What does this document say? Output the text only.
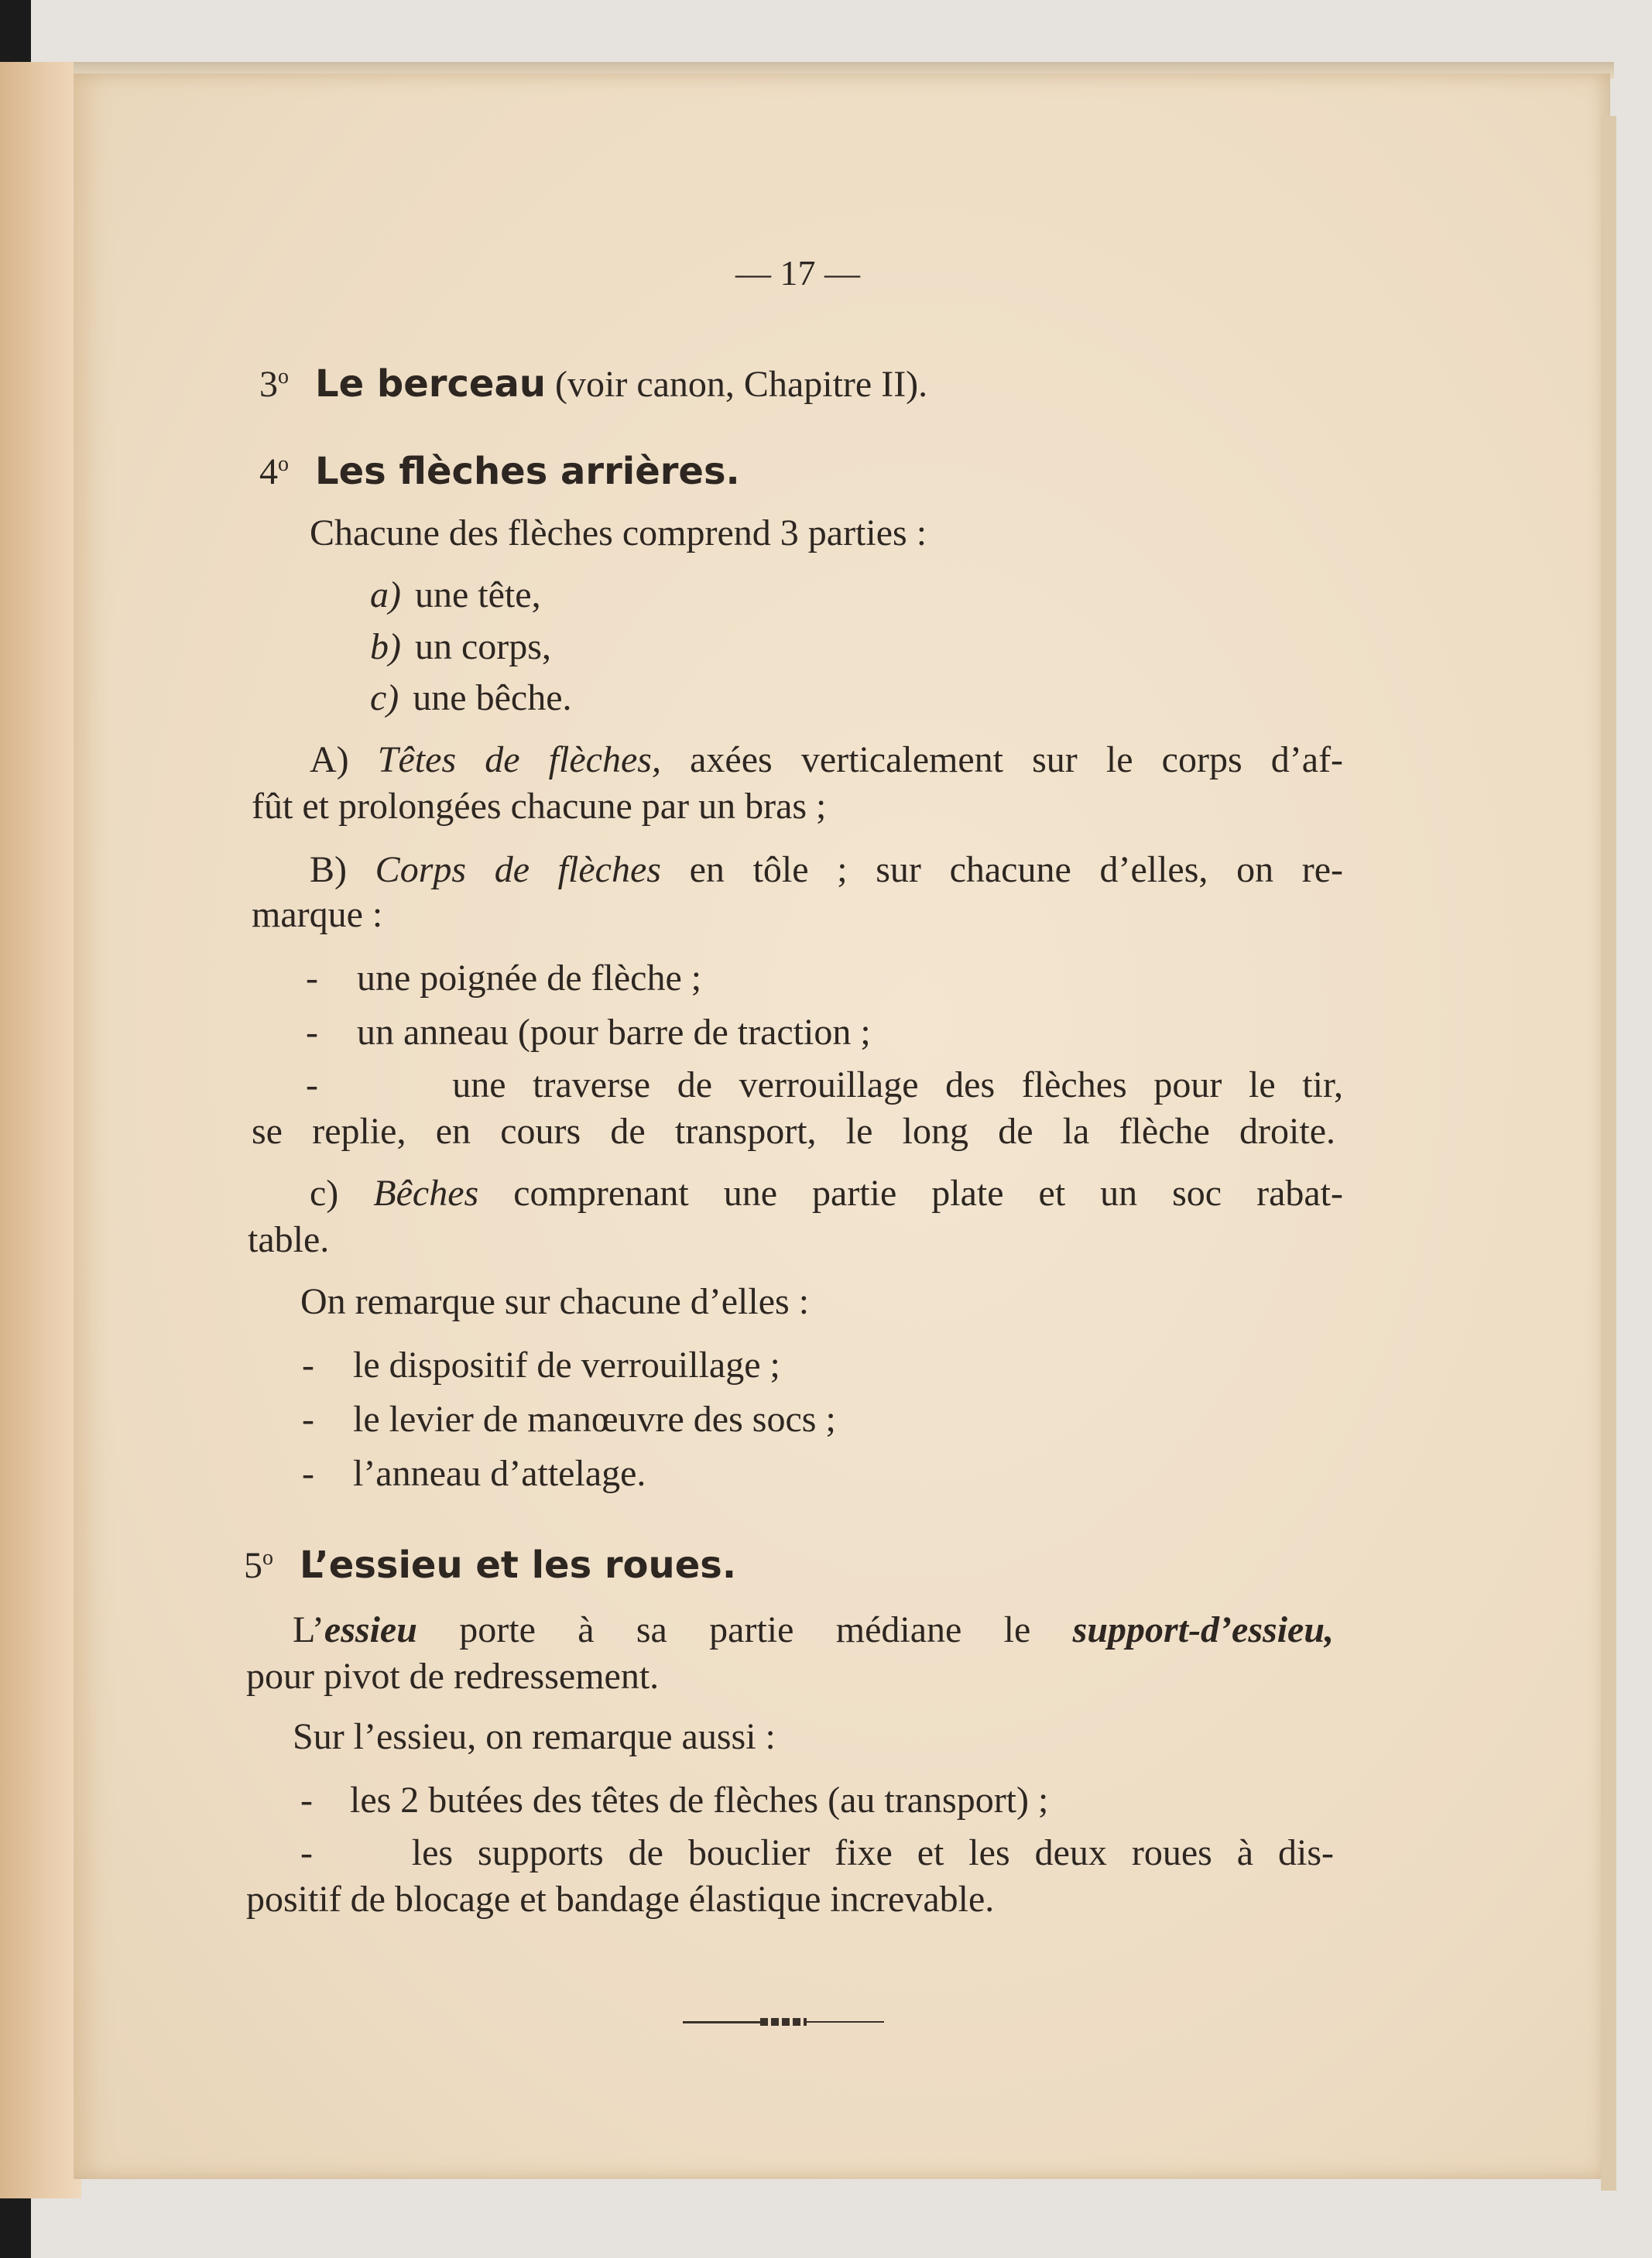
— 17 —
3$^o$ Le berceau (voir canon, Chapitre II).
4$^o$ Les flèches arrières.
Chacune des flèches comprend 3 parties :
a) une tête,
b) un corps,
c) une bêche.
A) Têtes de flèches, axées verticalement sur le corps d’af-
fût et prolongées chacune par un bras ;
B) Corps de flèches en tôle ; sur chacune d’elles, on re-
marque :
- une poignée de flèche ;
- un anneau (pour barre de traction ;
-	une traverse de verrouillage des flèches pour le tir,
se replie, en cours de transport, le long de la flèche droite.
c) Bêches comprenant une partie plate et un soc rabat-
table.
On remarque sur chacune d’elles :
- le dispositif de verrouillage ;
- le levier de manœuvre des socs ;
- l’anneau d’attelage.
5$^o$ L’essieu et les roues.
L’essieu porte à sa partie médiane le support-d’essieu,
pour pivot de redressement.
Sur l’essieu, on remarque aussi :
- les 2 butées des têtes de flèches (au transport) ;
-	les supports de bouclier fixe et les deux roues à dis-
positif de blocage et bandage élastique increvable.
